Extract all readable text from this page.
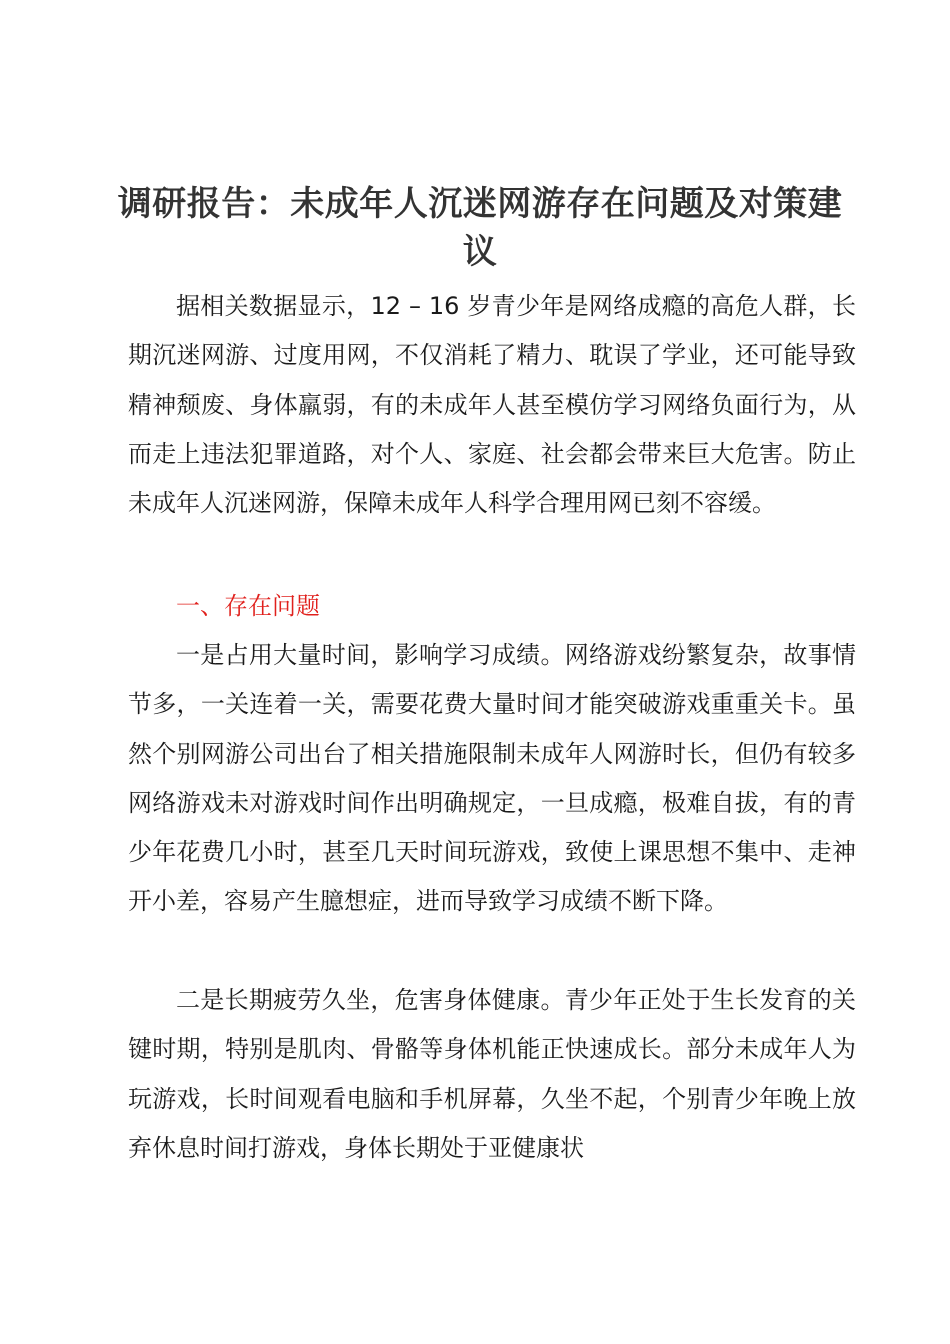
调研报告：未成年人沉迷网游存在问题及对策建议

据相关数据显示，12 – 16 岁青少年是网络成瘾的高危人群，长期沉迷网游、过度用网，不仅消耗了精力、耽误了学业，还可能导致精神颓废、身体羸弱，有的未成年人甚至模仿学习网络负面行为，从而走上违法犯罪道路，对个人、家庭、社会都会带来巨大危害。防止未成年人沉迷网游，保障未成年人科学合理用网已刻不容缓。

一、存在问题

一是占用大量时间，影响学习成绩。网络游戏纷繁复杂，故事情节多，一关连着一关，需要花费大量时间才能突破游戏重重关卡。虽然个别网游公司出台了相关措施限制未成年人网游时长，但仍有较多网络游戏未对游戏时间作出明确规定，一旦成瘾，极难自拔，有的青少年花费几小时，甚至几天时间玩游戏，致使上课思想不集中、走神开小差，容易产生臆想症，进而导致学习成绩不断下降。

二是长期疲劳久坐，危害身体健康。青少年正处于生长发育的关键时期，特别是肌肉、骨骼等身体机能正快速成长。部分未成年人为玩游戏，长时间观看电脑和手机屏幕，久坐不起，个别青少年晚上放弃休息时间打游戏，身体长期处于亚健康状
